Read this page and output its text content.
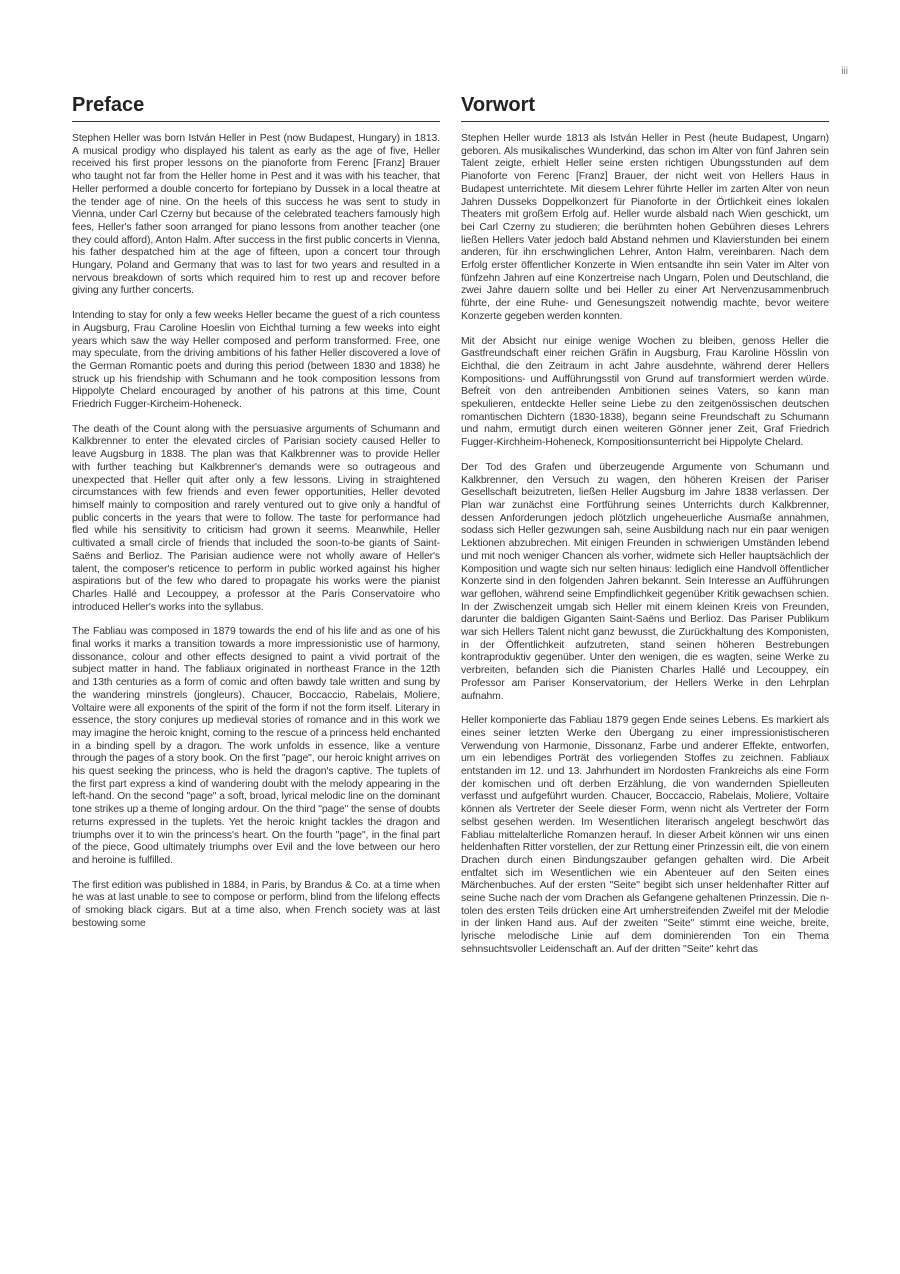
iii
Preface

Stephen Heller was born István Heller in Pest (now Budapest, Hungary) in 1813. A musical prodigy who displayed his talent as early as the age of five, Heller received his first proper lessons on the pianoforte from Ferenc [Franz] Brauer who taught not far from the Heller home in Pest and it was with his teacher, that Heller performed a double concerto for fortepiano by Dussek in a local theatre at the tender age of nine. On the heels of this success he was sent to study in Vienna, under Carl Czerny but because of the celebrated teachers famously high fees, Heller's father soon arranged for piano lessons from another teacher (one they could afford), Anton Halm. After success in the first public concerts in Vienna, his father despatched him at the age of fifteen, upon a concert tour through Hungary, Poland and Germany that was to last for two years and resulted in a nervous breakdown of sorts which required him to rest up and recover before giving any further concerts.

Intending to stay for only a few weeks Heller became the guest of a rich countess in Augsburg, Frau Caroline Hoeslin von Eichthal turning a few weeks into eight years which saw the way Heller composed and perform transformed. Free, one may speculate, from the driving ambitions of his father Heller discovered a love of the German Romantic poets and during this period (between 1830 and 1838) he struck up his friendship with Schumann and he took composition lessons from Hippolyte Chelard encouraged by another of his patrons at this time, Count Friedrich Fugger-Kircheim-Hoheneck.

The death of the Count along with the persuasive arguments of Schumann and Kalkbrenner to enter the elevated circles of Parisian society caused Heller to leave Augsburg in 1838. The plan was that Kalkbrenner was to provide Heller with further teaching but Kalkbrenner's demands were so outrageous and unexpected that Heller quit after only a few lessons. Living in straightened circumstances with few friends and even fewer opportunities, Heller devoted himself mainly to composition and rarely ventured out to give only a handful of public concerts in the years that were to follow. The taste for performance had fled while his sensitivity to criticism had grown it seems. Meanwhile, Heller cultivated a small circle of friends that included the soon-to-be giants of Saint-Saëns and Berlioz. The Parisian audience were not wholly aware of Heller's talent, the composer's reticence to perform in public worked against his higher aspirations but of the few who dared to propagate his works were the pianist Charles Hallé and Lecouppey, a professor at the Paris Conservatoire who introduced Heller's works into the syllabus.

The Fabliau was composed in 1879 towards the end of his life and as one of his final works it marks a transition towards a more impressionistic use of harmony, dissonance, colour and other effects designed to paint a vivid portrait of the subject matter in hand. The fabliaux originated in northeast France in the 12th and 13th centuries as a form of comic and often bawdy tale written and sung by the wandering minstrels (jongleurs). Chaucer, Boccaccio, Rabelais, Moliere, Voltaire were all exponents of the spirit of the form if not the form itself. Literary in essence, the story conjures up medieval stories of romance and in this work we may imagine the heroic knight, coming to the rescue of a princess held enchanted in a binding spell by a dragon. The work unfolds in essence, like a venture through the pages of a story book. On the first "page", our heroic knight arrives on his quest seeking the princess, who is held the dragon's captive. The tuplets of the first part express a kind of wandering doubt with the melody appearing in the left-hand. On the second "page" a soft, broad, lyrical melodic line on the dominant tone strikes up a theme of longing ardour. On the third "page" the sense of doubts returns expressed in the tuplets. Yet the heroic knight tackles the dragon and triumphs over it to win the princess's heart. On the fourth "page", in the final part of the piece, Good ultimately triumphs over Evil and the love between our hero and heroine is fulfilled.

The first edition was published in 1884, in Paris, by Brandus & Co. at a time when he was at last unable to see to compose or perform, blind from the lifelong effects of smoking black cigars. But at a time also, when French society was at last bestowing some

Vorwort

Stephen Heller wurde 1813 als István Heller in Pest (heute Budapest, Ungarn) geboren. Als musikalisches Wunderkind, das schon im Alter von fünf Jahren sein Talent zeigte, erhielt Heller seine ersten richtigen Übungsstunden auf dem Pianoforte von Ferenc [Franz] Brauer, der nicht weit von Hellers Haus in Budapest unterrichtete. Mit diesem Lehrer führte Heller im zarten Alter von neun Jahren Dusseks Doppelkonzert für Pianoforte in der Örtlichkeit eines lokalen Theaters mit großem Erfolg auf. Heller wurde alsbald nach Wien geschickt, um bei Carl Czerny zu studieren; die berühmten hohen Gebühren dieses Lehrers ließen Hellers Vater jedoch bald Abstand nehmen und Klavierstunden bei einem anderen, für ihn erschwinglichen Lehrer, Anton Halm, vereinbaren. Nach dem Erfolg erster öffentlicher Konzerte in Wien entsandte ihn sein Vater im Alter von fünfzehn Jahren auf eine Konzertreise nach Ungarn, Polen und Deutschland, die zwei Jahre dauern sollte und bei Heller zu einer Art Nervenzusammenbruch führte, der eine Ruhe- und Genesungszeit notwendig machte, bevor weitere Konzerte gegeben werden konnten.

Mit der Absicht nur einige wenige Wochen zu bleiben, genoss Heller die Gastfreundschaft einer reichen Gräfin in Augsburg, Frau Karoline Hösslin von Eichthal, die den Zeitraum in acht Jahre ausdehnte, während derer Hellers Kompositions- und Aufführungsstil von Grund auf transformiert werden würde. Befreit von den antreibenden Ambitionen seines Vaters, so kann man spekulieren, entdeckte Heller seine Liebe zu den zeitgenössischen deutschen romantischen Dichtern (1830-1838), begann seine Freundschaft zu Schumann und nahm, ermutigt durch einen weiteren Gönner jener Zeit, Graf Friedrich Fugger-Kirchheim-Hoheneck, Kompositionsunterricht bei Hippolyte Chelard.

Der Tod des Grafen und überzeugende Argumente von Schumann und Kalkbrenner, den Versuch zu wagen, den höheren Kreisen der Pariser Gesellschaft beizutreten, ließen Heller Augsburg im Jahre 1838 verlassen. Der Plan war zunächst eine Fortführung seines Unterrichts durch Kalkbrenner, dessen Anforderungen jedoch plötzlich ungeheuerliche Ausmaße annahmen, sodass sich Heller gezwungen sah, seine Ausbildung nach nur ein paar wenigen Lektionen abzubrechen. Mit einigen Freunden in schwierigen Umständen lebend und mit noch weniger Chancen als vorher, widmete sich Heller hauptsächlich der Komposition und wagte sich nur selten hinaus: lediglich eine Handvoll öffentlicher Konzerte sind in den folgenden Jahren bekannt. Sein Interesse an Aufführungen war geflohen, während seine Empfindlichkeit gegenüber Kritik gewachsen schien. In der Zwischenzeit umgab sich Heller mit einem kleinen Kreis von Freunden, darunter die baldigen Giganten Saint-Saëns und Berlioz. Das Pariser Publikum war sich Hellers Talent nicht ganz bewusst, die Zurückhaltung des Komponisten, in der Öffentlichkeit aufzutreten, stand seinen höheren Bestrebungen kontraproduktiv gegenüber. Unter den wenigen, die es wagten, seine Werke zu verbreiten, befanden sich die Pianisten Charles Hallé und Lecouppey, ein Professor am Pariser Konservatorium, der Hellers Werke in den Lehrplan aufnahm.

Heller komponierte das Fabliau 1879 gegen Ende seines Lebens. Es markiert als eines seiner letzten Werke den Übergang zu einer impressionistischeren Verwendung von Harmonie, Dissonanz, Farbe und anderer Effekte, entworfen, um ein lebendiges Porträt des vorliegenden Stoffes zu zeichnen. Fabliaux entstanden im 12. und 13. Jahrhundert im Nordosten Frankreichs als eine Form der komischen und oft derben Erzählung, die von wandernden Spielleuten verfasst und aufgeführt wurden. Chaucer, Boccaccio, Rabelais, Moliere, Voltaire können als Vertreter der Seele dieser Form, wenn nicht als Vertreter der Form selbst gesehen werden. Im Wesentlichen literarisch angelegt beschwört das Fabliau mittelalterliche Romanzen herauf. In dieser Arbeit können wir uns einen heldenhaften Ritter vorstellen, der zur Rettung einer Prinzessin eilt, die von einem Drachen durch einen Bindungszauber gefangen gehalten wird. Die Arbeit entfaltet sich im Wesentlichen wie ein Abenteuer auf den Seiten eines Märchenbuches. Auf der ersten "Seite" begibt sich unser heldenhafter Ritter auf seine Suche nach der vom Drachen als Gefangene gehaltenen Prinzessin. Die n-tolen des ersten Teils drücken eine Art umherstreifenden Zweifel mit der Melodie in der linken Hand aus. Auf der zweiten "Seite" stimmt eine weiche, breite, lyrische melodische Linie auf dem dominierenden Ton ein Thema sehnsuchtsvoller Leidenschaft an. Auf der dritten "Seite" kehrt das
